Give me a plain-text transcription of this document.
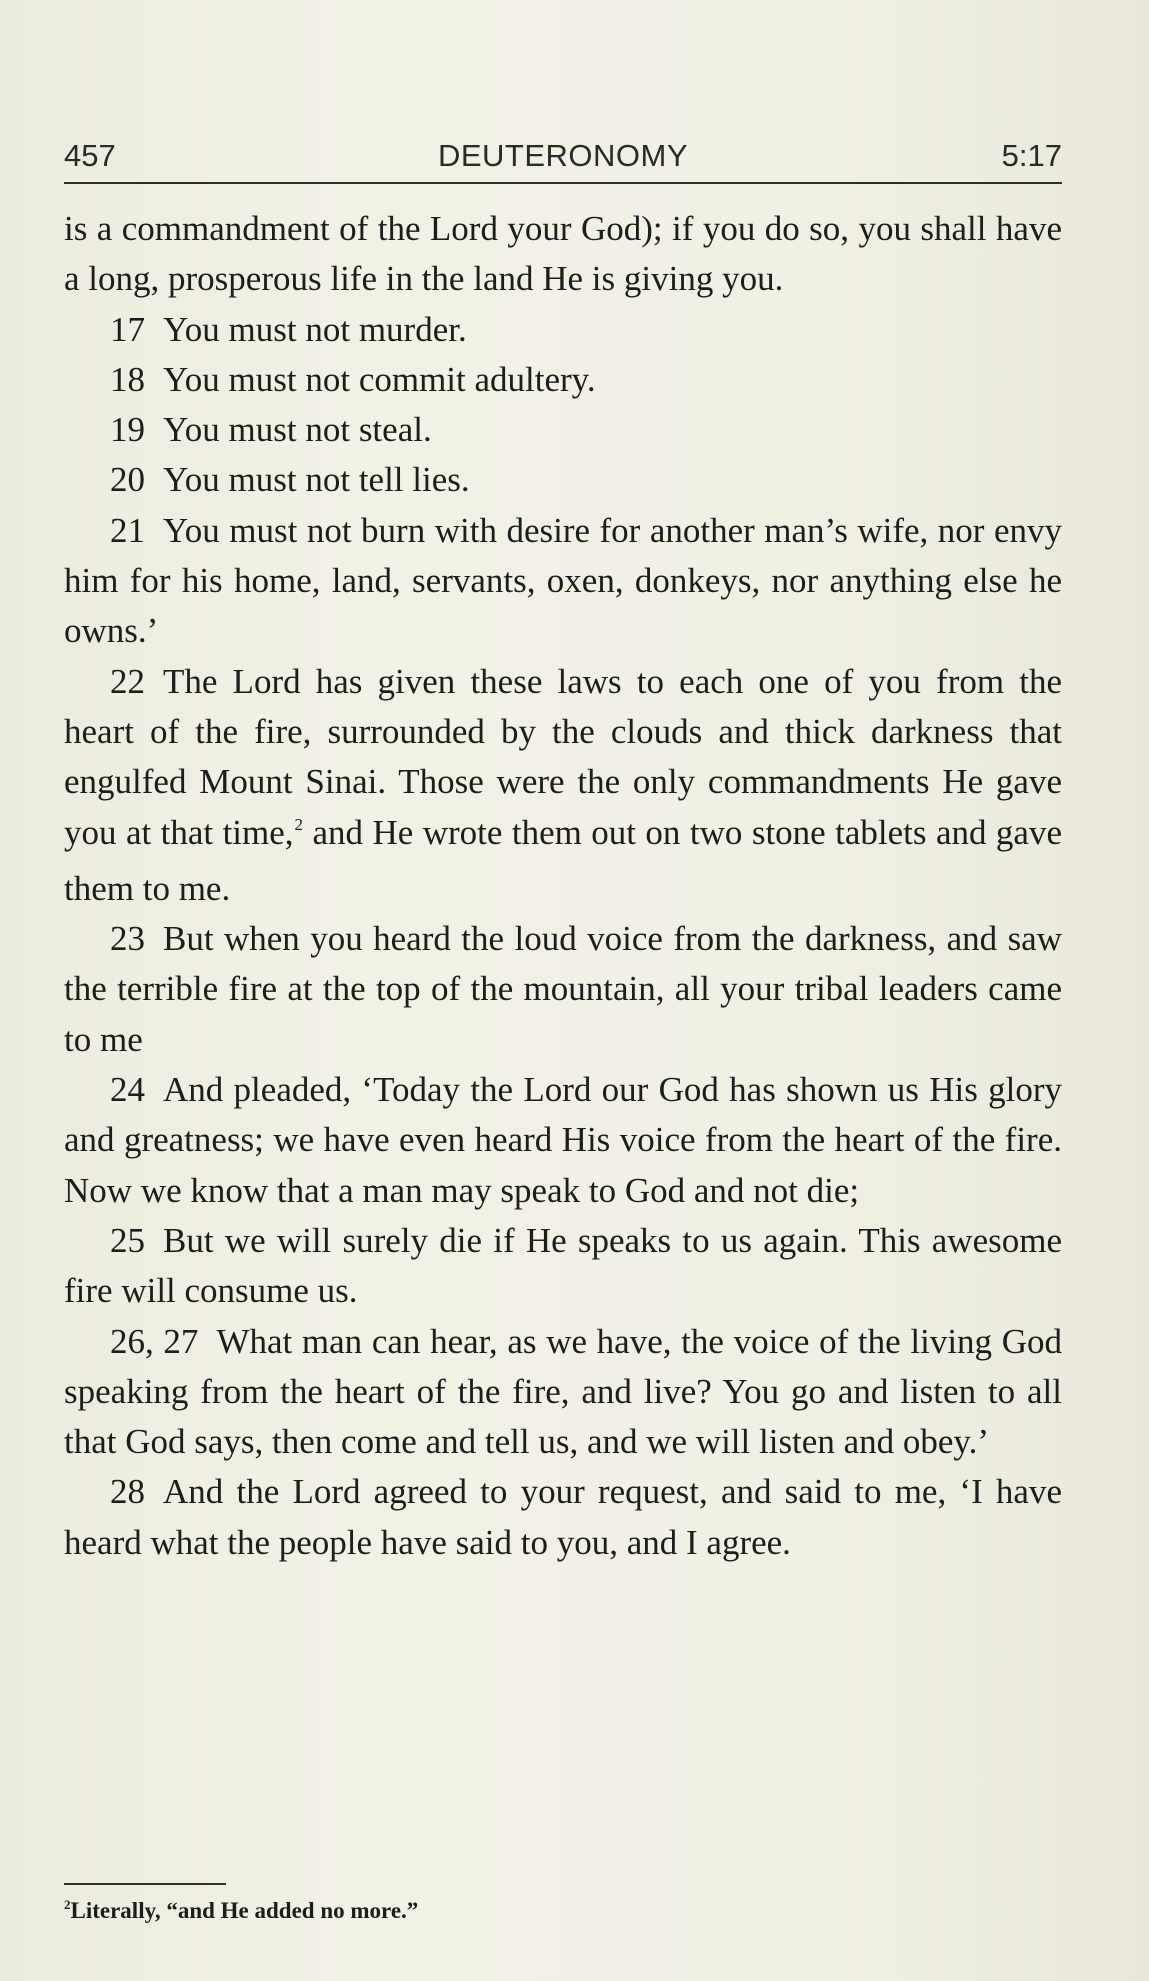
457	DEUTERONOMY	5:17

is a commandment of the Lord your God); if you do so, you shall have a long, prosperous life in the land He is giving you.

17 You must not murder.

18 You must not commit adultery.

19 You must not steal.

20 You must not tell lies.

21 You must not burn with desire for another man’s wife, nor envy him for his home, land, servants, oxen, donkeys, nor anything else he owns.’

22 The Lord has given these laws to each one of you from the heart of the fire, surrounded by the clouds and thick darkness that engulfed Mount Sinai. Those were the only commandments He gave you at that time,$^2$ and He wrote them out on two stone tablets and gave them to me.

23 But when you heard the loud voice from the darkness, and saw the terrible fire at the top of the mountain, all your tribal leaders came to me

24 And pleaded, ‘Today the Lord our God has shown us His glory and greatness; we have even heard His voice from the heart of the fire. Now we know that a man may speak to God and not die;

25 But we will surely die if He speaks to us again. This awesome fire will consume us.

26, 27 What man can hear, as we have, the voice of the living God speaking from the heart of the fire, and live? You go and listen to all that God says, then come and tell us, and we will listen and obey.’

28 And the Lord agreed to your request, and said to me, ‘I have heard what the people have said to you, and I agree.

$^2$Literally, “and He added no more.”
